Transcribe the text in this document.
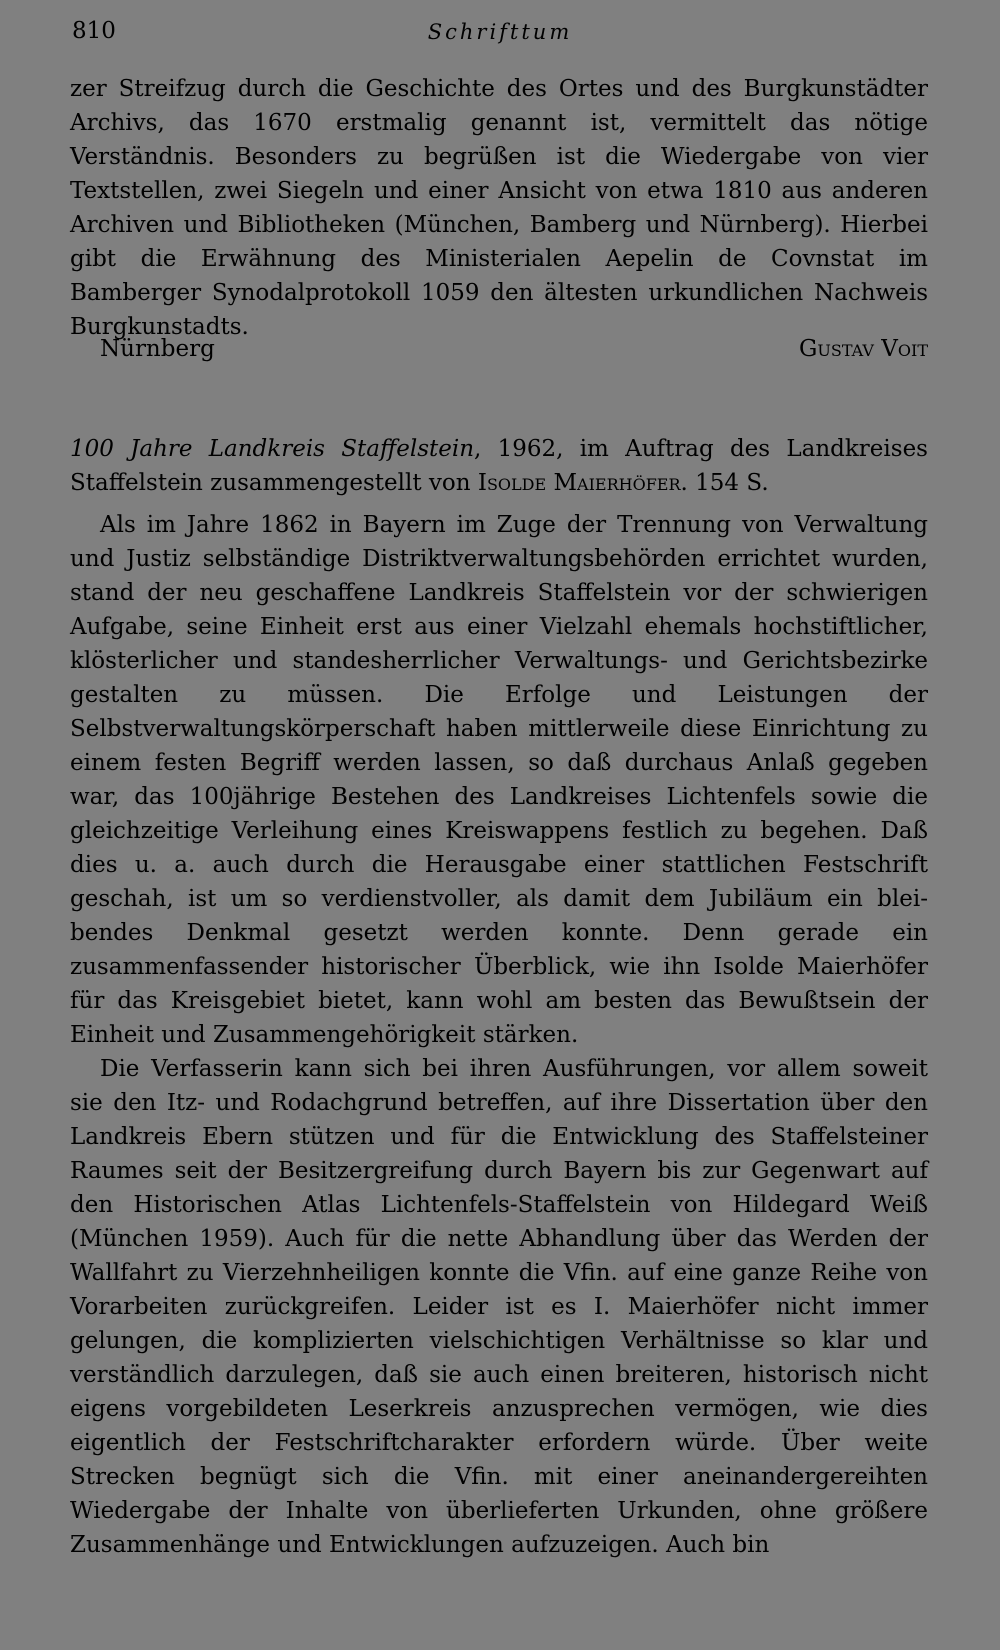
810	Schrifttum

zer Streifzug durch die Geschichte des Ortes und des Burgkunstädter Archivs, das 1670 erstmalig genannt ist, vermittelt das nötige Verständnis. Besonders zu begrüßen ist die Wiedergabe von vier Textstellen, zwei Siegeln und einer Ansicht von etwa 1810 aus anderen Archiven und Bibliotheken (München, Bamberg und Nürnberg). Hierbei gibt die Erwähnung des Ministerialen Aepelin de Covnstat im Bamberger Synodalprotokoll 1059 den ältesten urkundlichen Nachweis Burgkunstadts.

Nürnberg	Gustav Voit

100 Jahre Landkreis Staffelstein, 1962, im Auftrag des Landkreises Staffelstein zusammengestellt von Isolde Maierhöfer. 154 S.

Als im Jahre 1862 in Bayern im Zuge der Trennung von Verwaltung und Justiz selbständige Distriktverwaltungsbehörden errichtet wurden, stand der neu geschaffene Landkreis Staffelstein vor der schwierigen Aufgabe, seine Einheit erst aus einer Vielzahl ehemals hochstiftlicher, klösterlicher und standesherrlicher Verwaltungs- und Gerichtsbezirke gestalten zu müssen. Die Erfolge und Leistungen der Selbstverwaltungskörperschaft haben mittlerweile diese Einrichtung zu einem festen Begriff werden lassen, so daß durchaus Anlaß gegeben war, das 100jährige Bestehen des Landkreises Lichtenfels sowie die gleichzeitige Verleihung eines Kreiswappens festlich zu begehen. Daß dies u. a. auch durch die Herausgabe einer stattlichen Festschrift geschah, ist um so verdienstvoller, als damit dem Jubiläum ein bleibendes Denkmal gesetzt werden konnte. Denn gerade ein zusammenfassender historischer Überblick, wie ihn Isolde Maierhöfer für das Kreisgebiet bietet, kann wohl am besten das Bewußtsein der Einheit und Zusammengehörigkeit stärken.

Die Verfasserin kann sich bei ihren Ausführungen, vor allem soweit sie den Itz- und Rodachgrund betreffen, auf ihre Dissertation über den Landkreis Ebern stützen und für die Entwicklung des Staffelsteiner Raumes seit der Besitzergreifung durch Bayern bis zur Gegenwart auf den Historischen Atlas Lichtenfels-Staffelstein von Hildegard Weiß (München 1959). Auch für die nette Abhandlung über das Werden der Wallfahrt zu Vierzehnheiligen konnte die Vfin. auf eine ganze Reihe von Vorarbeiten zurückgreifen. Leider ist es I. Maierhöfer nicht immer gelungen, die komplizierten vielschichtigen Verhältnisse so klar und verständlich darzulegen, daß sie auch einen breiteren, historisch nicht eigens vorgebildeten Leserkreis anzusprechen vermögen, wie dies eigentlich der Festschriftcharakter erfordern würde. Über weite Strecken begnügt sich die Vfin. mit einer aneinandergereihten Wiedergabe der Inhalte von überlieferten Urkunden, ohne größere Zusammenhänge und Entwicklungen aufzuzeigen. Auch bin
